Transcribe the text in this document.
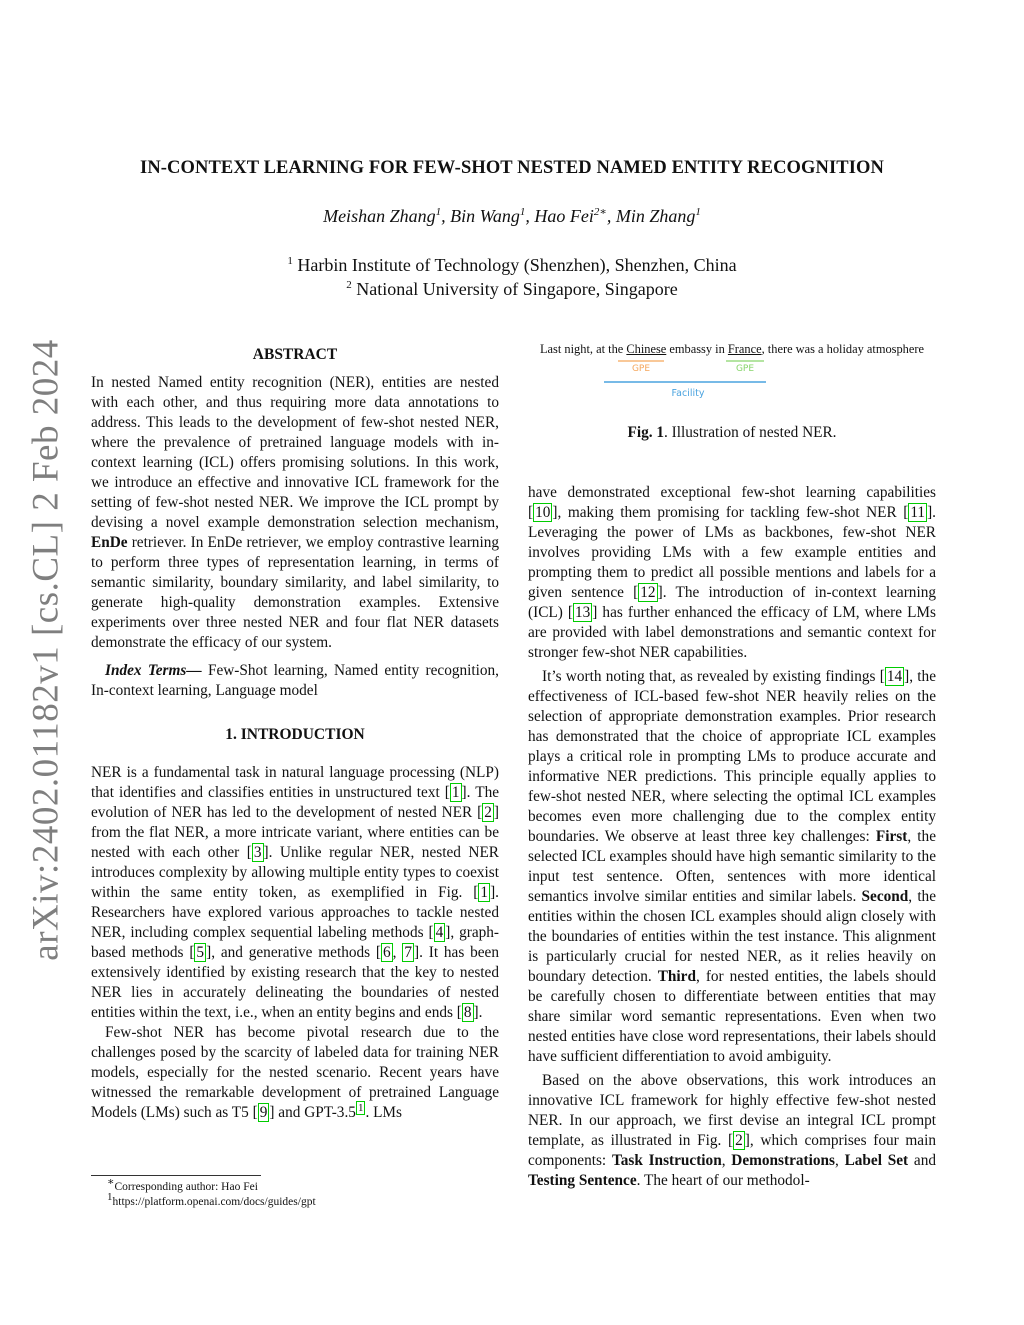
arXiv:2402.01182v1 [cs.CL] 2 Feb 2024
IN-CONTEXT LEARNING FOR FEW-SHOT NESTED NAMED ENTITY RECOGNITION
Meishan Zhang$^1$, Bin Wang$^1$, Hao Fei$^{2∗}$, Min Zhang$^1$
$^1$ Harbin Institute of Technology (Shenzhen), Shenzhen, China
$^2$ National University of Singapore, Singapore

ABSTRACT

In nested Named entity recognition (NER), entities are nested with each other, and thus requiring more data annotations to address. This leads to the development of few-shot nested NER, where the prevalence of pretrained language models with in-context learning (ICL) offers promising solutions. In this work, we introduce an effective and innovative ICL framework for the setting of few-shot nested NER. We improve the ICL prompt by devising a novel example demonstration selection mechanism, EnDe retriever. In EnDe retriever, we employ contrastive learning to perform three types of representation learning, in terms of semantic similarity, boundary similarity, and label similarity, to generate high-quality demonstration examples. Extensive experiments over three nested NER and four flat NER datasets demonstrate the efficacy of our system.

Index Terms— Few-Shot learning, Named entity recognition, In-context learning, Language model

1. INTRODUCTION

NER is a fundamental task in natural language processing (NLP) that identifies and classifies entities in unstructured text [ 1 ]. The evolution of NER has led to the development of nested NER [ 2 ] from the flat NER, a more intricate variant, where entities can be nested with each other [ 3 ]. Unlike regular NER, nested NER introduces complexity by allowing multiple entity types to coexist within the same entity token, as exemplified in Fig. [ 1 ]. Researchers have explored various approaches to tackle nested NER, including complex sequential labeling methods [ 4 ], graph-based methods [ 5 ], and generative methods [ 6 , 7 ]. It has been extensively identified by existing research that the key to nested NER lies in accurately delineating the boundaries of nested entities within the text, i.e., when an entity begins and ends [ 8 ].

Few-shot NER has become pivotal research due to the challenges posed by the scarcity of labeled data for training NER models, especially for the nested scenario. Recent years have witnessed the remarkable development of pretrained Language Models (LMs) such as T5 [ 9 ] and GPT-3.5 $^1$ . LMs

∗Corresponding author: Hao Fei
$^1$https://platform.openai.com/docs/guides/gpt
Last night, at the Chinese embassy in France, there was a holiday atmosphere
GPE	GPE
Facility
Fig. 1. Illustration of nested NER.

have demonstrated exceptional few-shot learning capabilities [ 10 ], making them promising for tackling few-shot NER [ 11 ]. Leveraging the power of LMs as backbones, few-shot NER involves providing LMs with a few example entities and prompting them to predict all possible mentions and labels for a given sentence [ 12 ]. The introduction of in-context learning (ICL) [ 13 ] has further enhanced the efficacy of LM, where LMs are provided with label demonstrations and semantic context for stronger few-shot NER capabilities.

It’s worth noting that, as revealed by existing findings [ 14 ], the effectiveness of ICL-based few-shot NER heavily relies on the selection of appropriate demonstration examples. Prior research has demonstrated that the choice of appropriate ICL examples plays a critical role in prompting LMs to produce accurate and informative NER predictions. This principle equally applies to few-shot nested NER, where selecting the optimal ICL examples becomes even more challenging due to the complex entity boundaries. We observe at least three key challenges: First, the selected ICL examples should have high semantic similarity to the input test sentence. Often, sentences with more identical semantics involve similar entities and similar labels. Second, the entities within the chosen ICL examples should align closely with the boundaries of entities within the test instance. This alignment is particularly crucial for nested NER, as it relies heavily on boundary detection. Third, for nested entities, the labels should be carefully chosen to differentiate between entities that may share similar word semantic representations. Even when two nested entities have close word representations, their labels should have sufficient differentiation to avoid ambiguity.

Based on the above observations, this work introduces an innovative ICL framework for highly effective few-shot nested NER. In our approach, we first devise an integral ICL prompt template, as illustrated in Fig. [ 2 ], which comprises four main components: Task Instruction, Demonstrations, Label Set and Testing Sentence. The heart of our methodol-
